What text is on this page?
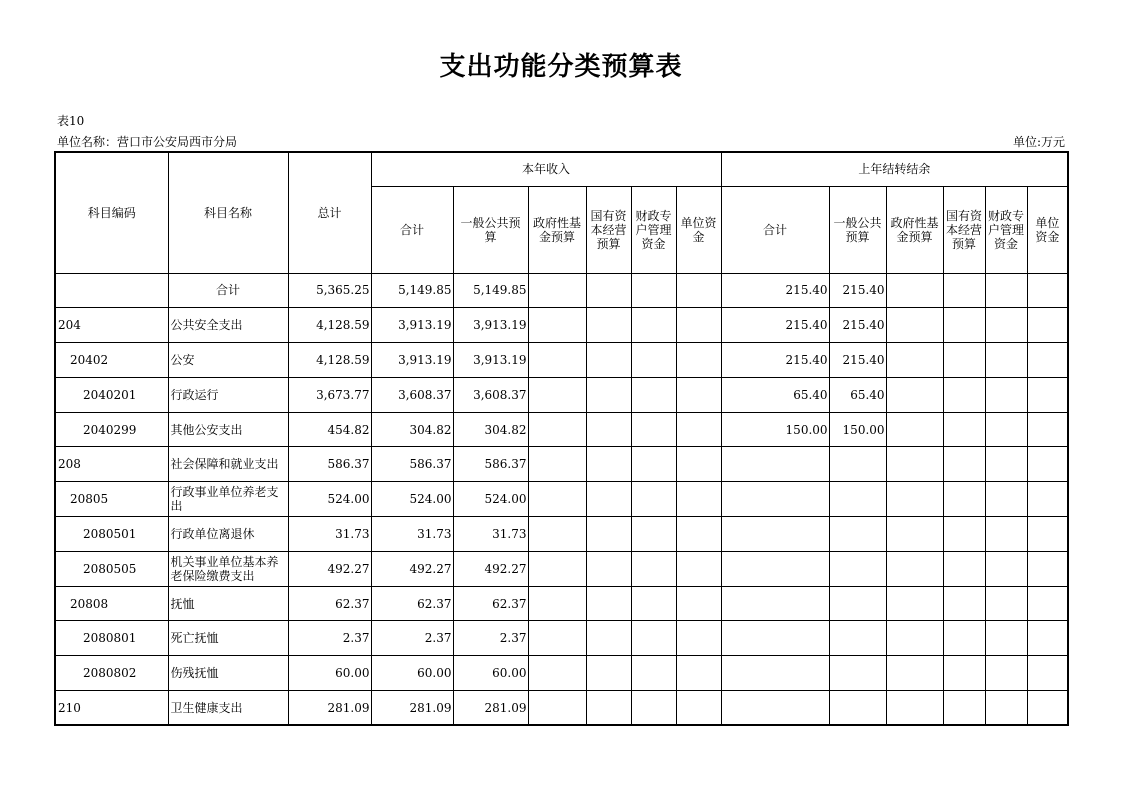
支出功能分类预算表
表10
单位名称：营口市公安局西市分局	单位:万元
科目编码	科目名称	总计	本年收入						上年结转结余					
			合计	一般公共预算	政府性基金预算	国有资本经营预算	财政专户管理资金	单位资金	合计	一般公共预算	政府性基金预算	国有资本经营预算	财政专户管理资金	单位资金
	合计	5,365.25	5,149.85	5,149.85					215.40	215.40				
204	公共安全支出	4,128.59	3,913.19	3,913.19					215.40	215.40				
20402	公安	4,128.59	3,913.19	3,913.19					215.40	215.40				
2040201	行政运行	3,673.77	3,608.37	3,608.37					65.40	65.40				
2040299	其他公安支出	454.82	304.82	304.82					150.00	150.00				
208	社会保障和就业支出	586.37	586.37	586.37										
20805	行政事业单位养老支出	524.00	524.00	524.00										
2080501	行政单位离退休	31.73	31.73	31.73										
2080505	机关事业单位基本养老保险缴费支出	492.27	492.27	492.27										
20808	抚恤	62.37	62.37	62.37										
2080801	死亡抚恤	2.37	2.37	2.37										
2080802	伤残抚恤	60.00	60.00	60.00										
210	卫生健康支出	281.09	281.09	281.09										
